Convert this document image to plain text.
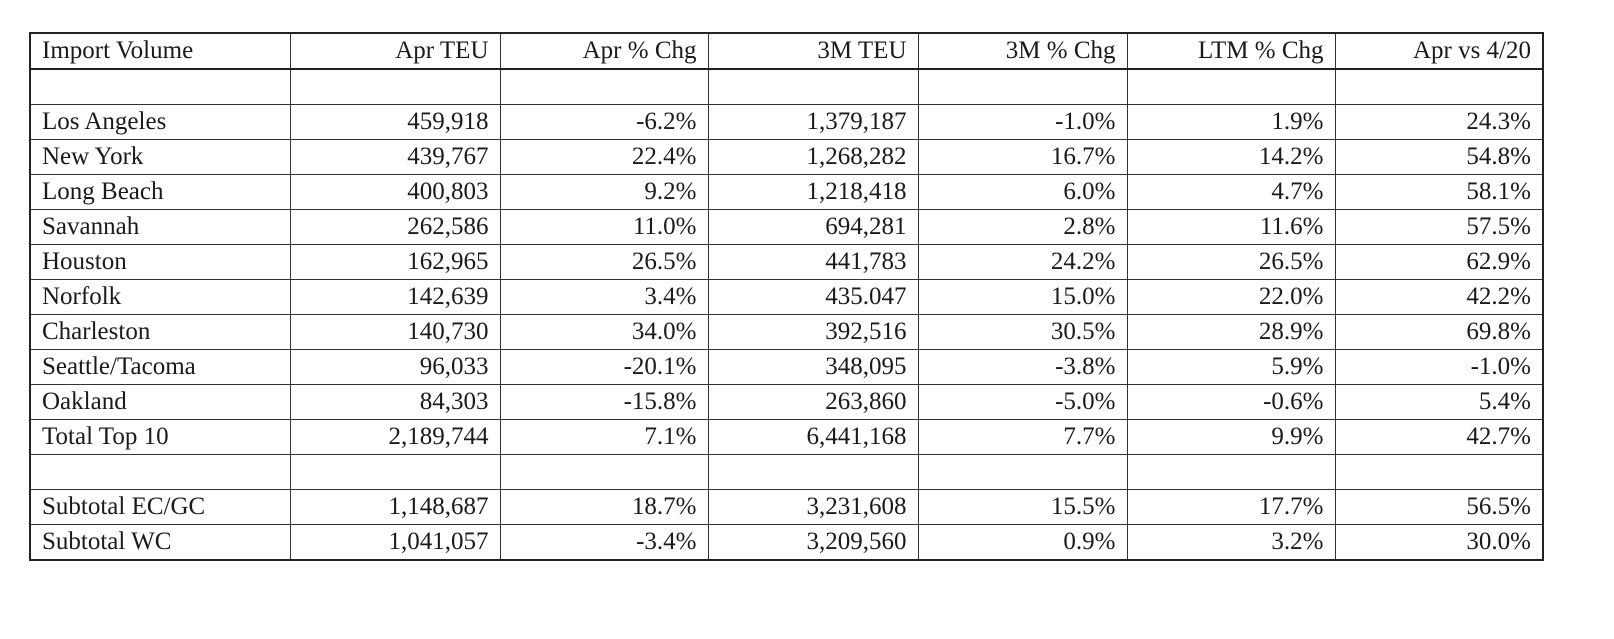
Import Volume	Apr TEU	Apr % Chg	3M TEU	3M % Chg	LTM % Chg	Apr vs 4/20

Los Angeles	459,918	-6.2%	1,379,187	-1.0%	1.9%	24.3%
New York	439,767	22.4%	1,268,282	16.7%	14.2%	54.8%
Long Beach	400,803	9.2%	1,218,418	6.0%	4.7%	58.1%
Savannah	262,586	11.0%	694,281	2.8%	11.6%	57.5%
Houston	162,965	26.5%	441,783	24.2%	26.5%	62.9%
Norfolk	142,639	3.4%	435.047	15.0%	22.0%	42.2%
Charleston	140,730	34.0%	392,516	30.5%	28.9%	69.8%
Seattle/Tacoma	96,033	-20.1%	348,095	-3.8%	5.9%	-1.0%
Oakland	84,303	-15.8%	263,860	-5.0%	-0.6%	5.4%
Total Top 10	2,189,744	7.1%	6,441,168	7.7%	9.9%	42.7%

Subtotal EC/GC	1,148,687	18.7%	3,231,608	15.5%	17.7%	56.5%
Subtotal WC	1,041,057	-3.4%	3,209,560	0.9%	3.2%	30.0%
